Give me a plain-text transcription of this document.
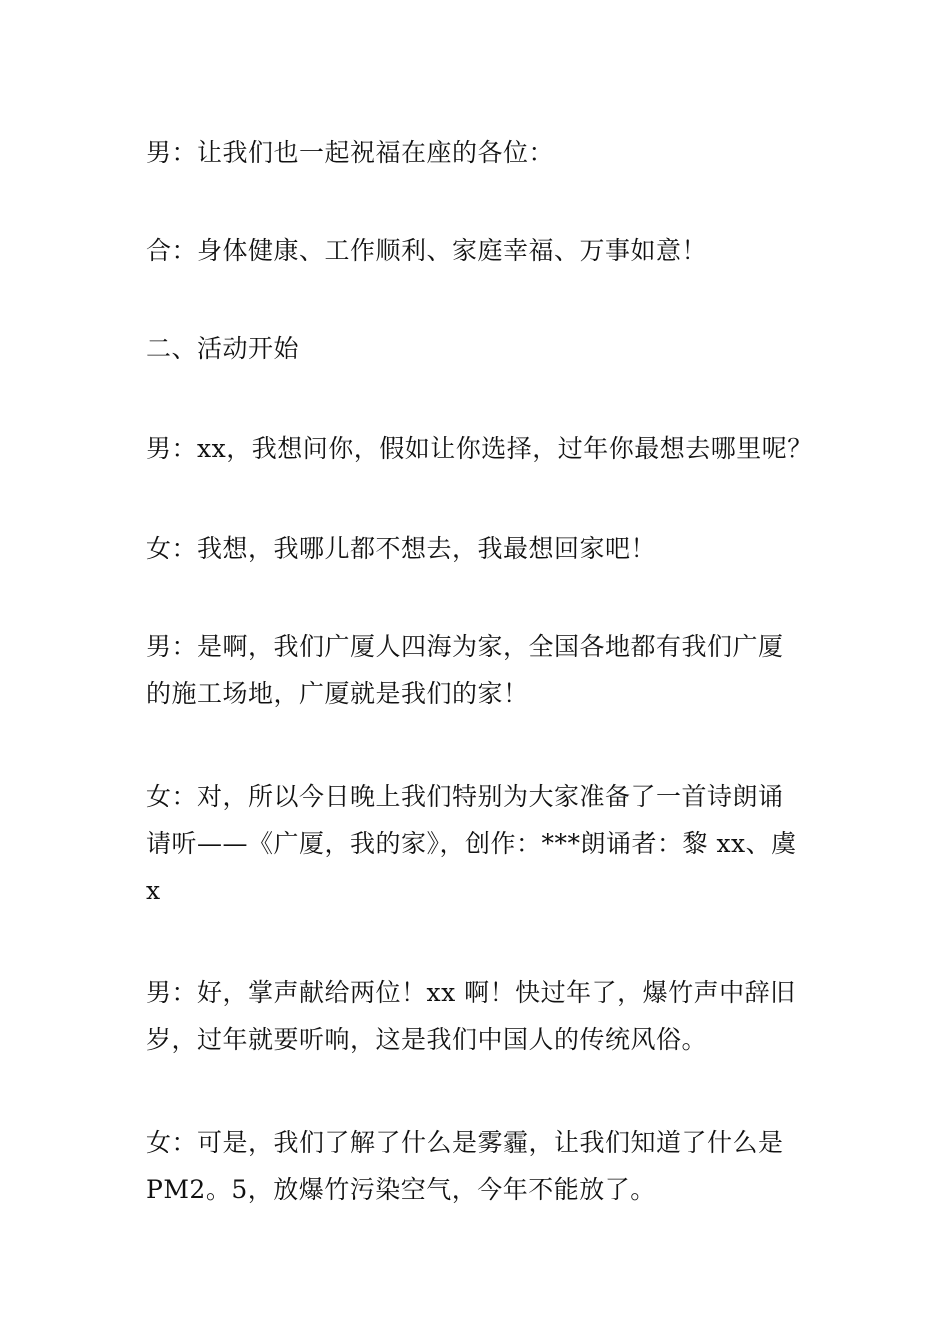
男：让我们也一起祝福在座的各位：
合：身体健康、工作顺利、家庭幸福、万事如意！
二、活动开始
男：xx，我想问你，假如让你选择，过年你最想去哪里呢？
女：我想，我哪儿都不想去，我最想回家吧！
男：是啊，我们广厦人四海为家，全国各地都有我们广厦
的施工场地，广厦就是我们的家！
女：对，所以今日晚上我们特别为大家准备了一首诗朗诵
请听——《广厦，我的家》，创作：***朗诵者：黎 xx、虞
x
男：好，掌声献给两位！xx 啊！快过年了，爆竹声中辞旧
岁，过年就要听响，这是我们中国人的传统风俗。
女：可是，我们了解了什么是雾霾，让我们知道了什么是
PM2。5，放爆竹污染空气，今年不能放了。
